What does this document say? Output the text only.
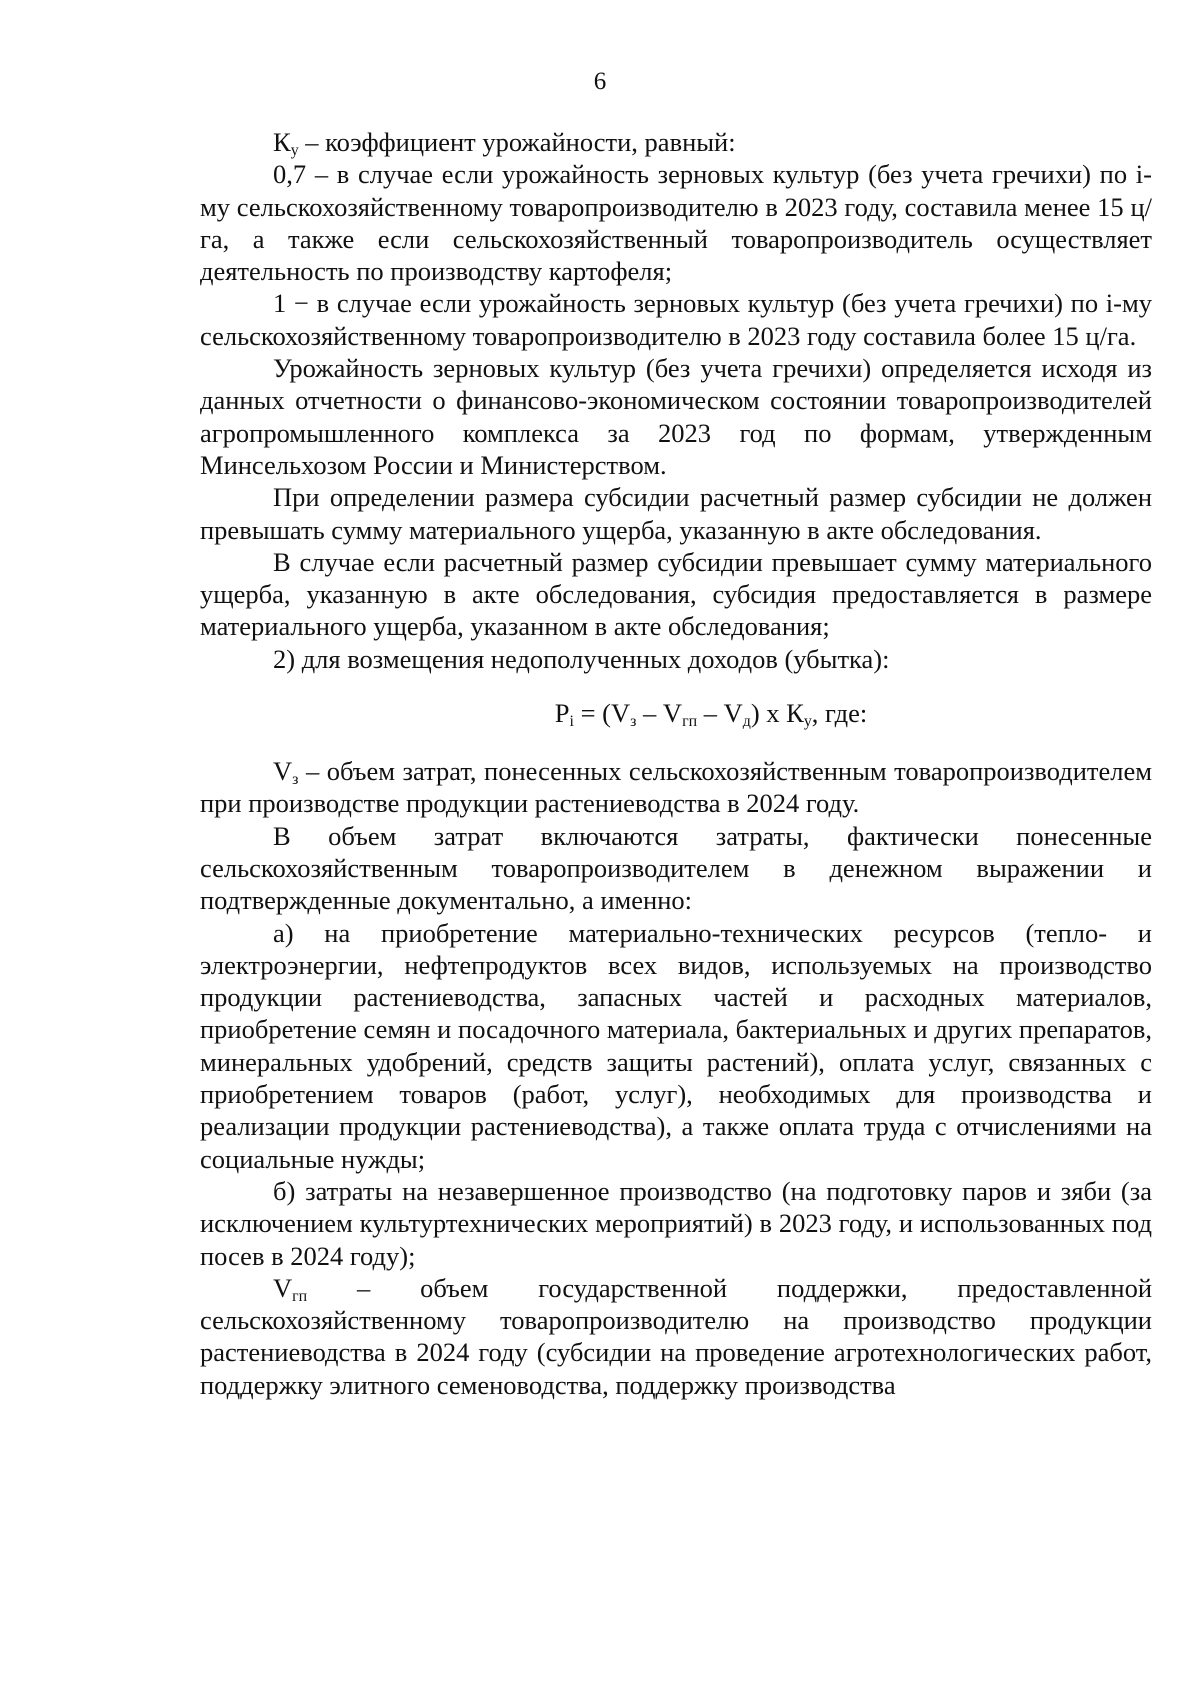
6

$К_у$ – коэффициент урожайности, равный:

0,7 – в случае если урожайность зерновых культур (без учета гречихи) по i-му сельскохозяйственному товаропроизводителю в 2023 году, составила менее 15 ц/га, а также если сельскохозяйственный товаропроизводитель осуществляет деятельность по производству картофеля;

1 − в случае если урожайность зерновых культур (без учета гречихи) по i-му сельскохозяйственному товаропроизводителю в 2023 году составила более 15 ц/га.

Урожайность зерновых культур (без учета гречихи) определяется исходя из данных отчетности о финансово-экономическом состоянии товаропроизводителей агропромышленного комплекса за 2023 год по формам, утвержденным Минсельхозом России и Министерством.

При определении размера субсидии расчетный размер субсидии не должен превышать сумму материального ущерба, указанную в акте обследования.

В случае если расчетный размер субсидии превышает сумму материального ущерба, указанную в акте обследования, субсидия предоставляется в размере материального ущерба, указанном в акте обследования;

2) для возмещения недополученных доходов (убытка):

$P_i = (V_з - V_{гп} - V_д)$ х $К_у$, где:

$V_з$ – объем затрат, понесенных сельскохозяйственным товаропроизводителем при производстве продукции растениеводства в 2024 году.

В объем затрат включаются затраты, фактически понесенные сельскохозяйственным товаропроизводителем в денежном выражении и подтвержденные документально, а именно:

а) на приобретение материально-технических ресурсов (тепло- и электроэнергии, нефтепродуктов всех видов, используемых на производство продукции растениеводства, запасных частей и расходных материалов, приобретение семян и посадочного материала, бактериальных и других препаратов, минеральных удобрений, средств защиты растений), оплата услуг, связанных с приобретением товаров (работ, услуг), необходимых для производства и реализации продукции растениеводства), а также оплата труда с отчислениями на социальные нужды;

б) затраты на незавершенное производство (на подготовку паров и зяби (за исключением культуртехнических мероприятий) в 2023 году, и использованных под посев в 2024 году);

$V_{гп}$ – объем государственной поддержки, предоставленной сельскохозяйственному товаропроизводителю на производство продукции растениеводства в 2024 году (субсидии на проведение агротехнологических работ, поддержку элитного семеноводства, поддержку производства
